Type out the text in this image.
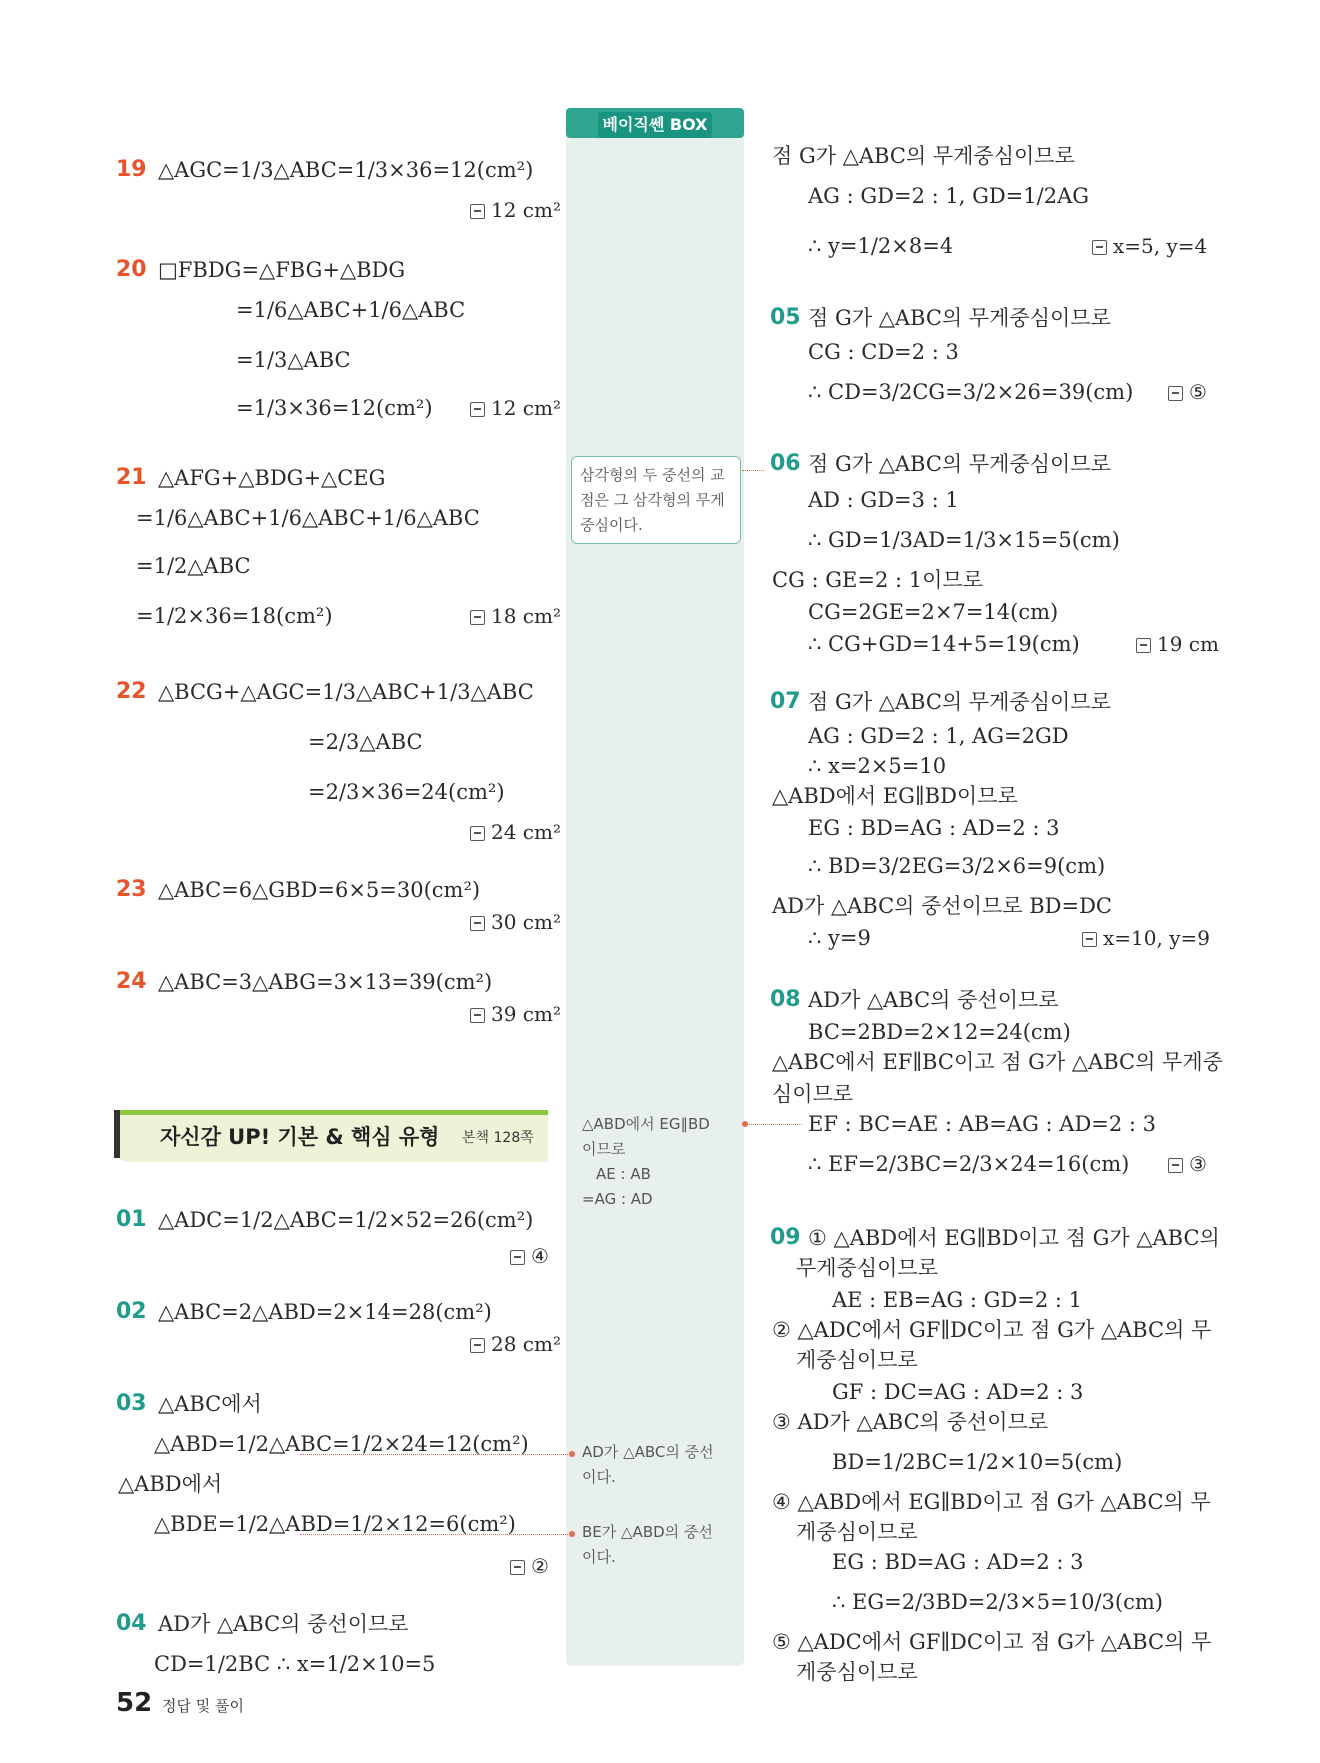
베이직쎈 BOX
삼각형의 두 중선의 교
점은 그 삼각형의 무게
중심이다.
△ABD에서 EG∥BD
이므로
AE : AB
=AG : AD
AD가 △ABC의 중선
이다.
BE가 △ABD의 중선
이다.
자신감 UP! 기본 & 핵심 유형 본책 128쪽
52 정답 및 풀이
19 △AGC=1/3△ABC=1/3×36=12(cm²)
12 cm²
20 □FBDG=△FBG+△BDG
=1/6△ABC+1/6△ABC
=1/3△ABC
=1/3×36=12(cm²)	12 cm²
21 △AFG+△BDG+△CEG
=1/6△ABC+1/6△ABC+1/6△ABC
=1/2△ABC
=1/2×36=18(cm²)	18 cm²
22 △BCG+△AGC=1/3△ABC+1/3△ABC
=2/3△ABC
=2/3×36=24(cm²)
24 cm²
23 △ABC=6△GBD=6×5=30(cm²)
30 cm²
24 △ABC=3△ABG=3×13=39(cm²)
39 cm²
01 △ADC=1/2△ABC=1/2×52=26(cm²)
④
02 △ABC=2△ABD=2×14=28(cm²)
28 cm²
03 △ABC에서
△ABD=1/2△ABC=1/2×24=12(cm²)
△ABD에서
△BDE=1/2△ABD=1/2×12=6(cm²)
②
04 AD가 △ABC의 중선이므로
CD=1/2BC ∴ x=1/2×10=5
점 G가 △ABC의 무게중심이므로
AG : GD=2 : 1, GD=1/2AG
∴ y=1/2×8=4	x=5, y=4
05 점 G가 △ABC의 무게중심이므로
CG : CD=2 : 3
∴ CD=3/2CG=3/2×26=39(cm)	⑤
06 점 G가 △ABC의 무게중심이므로
AD : GD=3 : 1
∴ GD=1/3AD=1/3×15=5(cm)
CG : GE=2 : 1이므로
CG=2GE=2×7=14(cm)
∴ CG+GD=14+5=19(cm)	19 cm
07 점 G가 △ABC의 무게중심이므로
AG : GD=2 : 1, AG=2GD
∴ x=2×5=10
△ABD에서 EG∥BD이므로
EG : BD=AG : AD=2 : 3
∴ BD=3/2EG=3/2×6=9(cm)
AD가 △ABC의 중선이므로 BD=DC
∴ y=9	x=10, y=9
08 AD가 △ABC의 중선이므로
BC=2BD=2×12=24(cm)
△ABC에서 EF∥BC이고 점 G가 △ABC의 무게중
심이므로
EF : BC=AE : AB=AG : AD=2 : 3
∴ EF=2/3BC=2/3×24=16(cm)	③
09 ① △ABD에서 EG∥BD이고 점 G가 △ABC의
무게중심이므로
AE : EB=AG : GD=2 : 1
② △ADC에서 GF∥DC이고 점 G가 △ABC의 무
게중심이므로
GF : DC=AG : AD=2 : 3
③ AD가 △ABC의 중선이므로
BD=1/2BC=1/2×10=5(cm)
④ △ABD에서 EG∥BD이고 점 G가 △ABC의 무
게중심이므로
EG : BD=AG : AD=2 : 3
∴ EG=2/3BD=2/3×5=10/3(cm)
⑤ △ADC에서 GF∥DC이고 점 G가 △ABC의 무
게중심이므로
